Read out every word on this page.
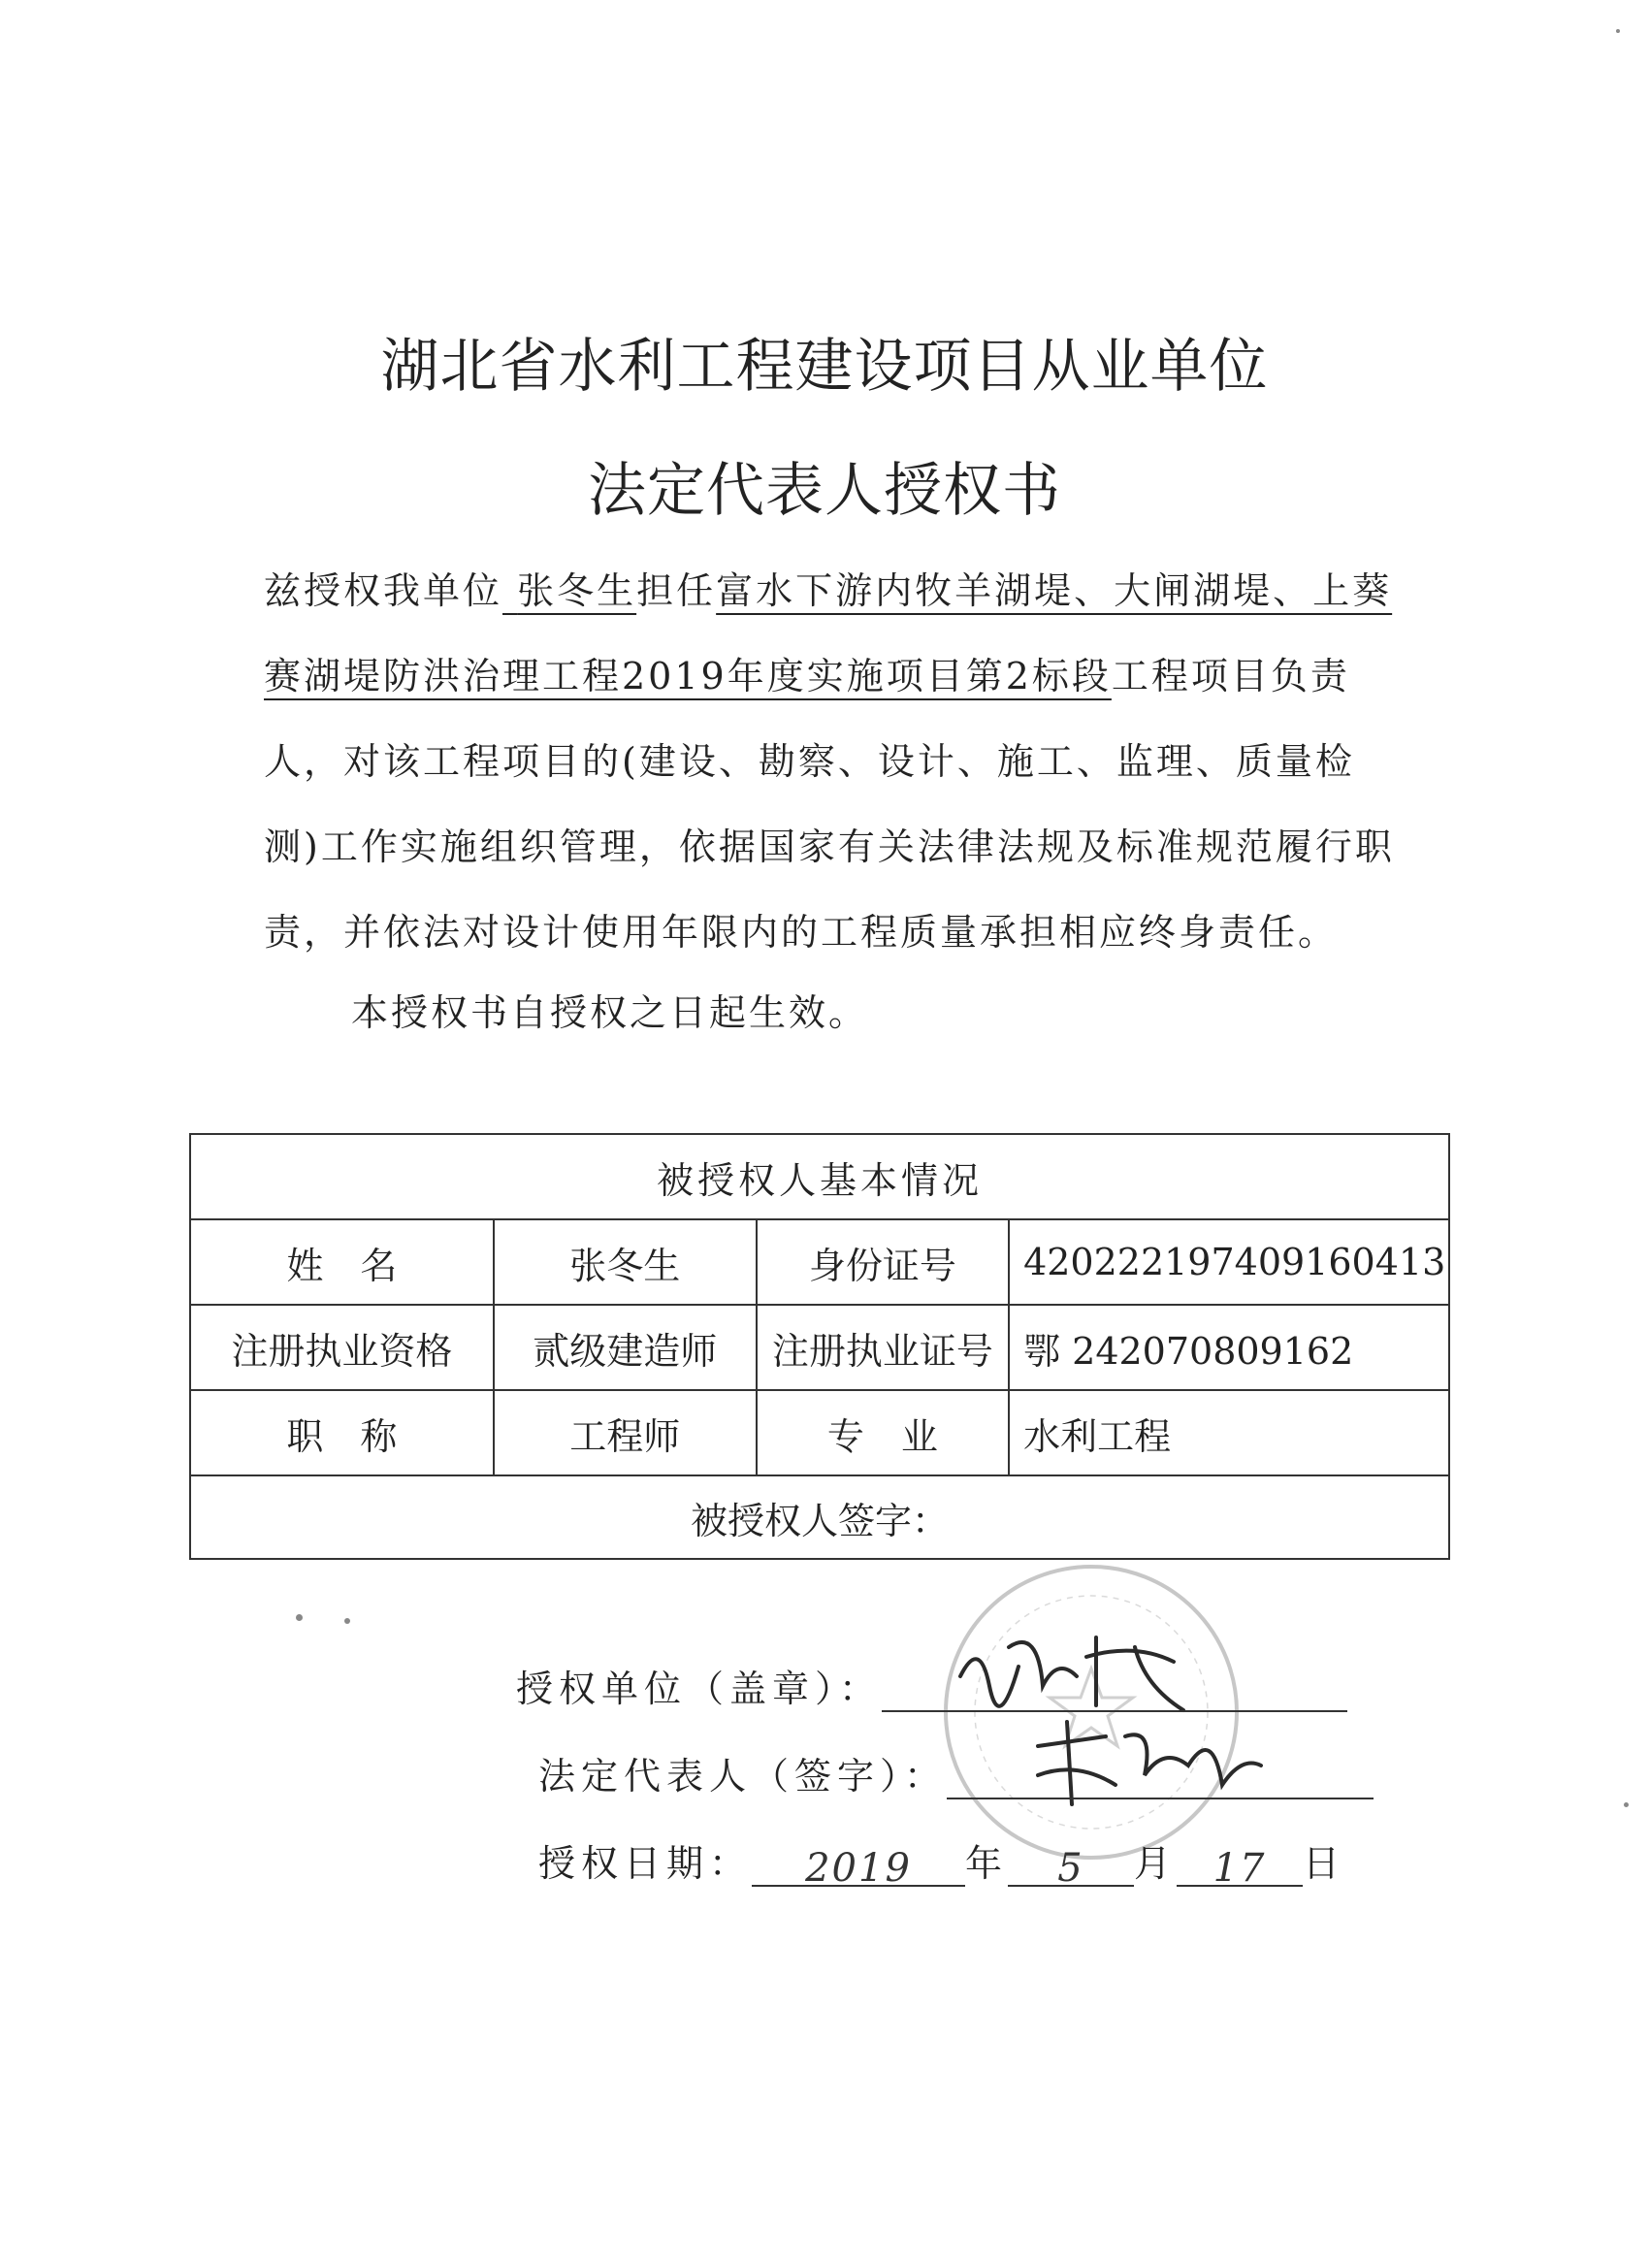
湖北省水利工程建设项目从业单位
法定代表人授权书
兹授权我单位 张冬生担任富水下游内牧羊湖堤、大闸湖堤、上葵赛湖堤防洪治理工程2019年度实施项目第2标段工程项目负责人，对该工程项目的(建设、勘察、设计、施工、监理、质量检测)工作实施组织管理，依据国家有关法律法规及标准规范履行职责，并依法对设计使用年限内的工程质量承担相应终身责任。
本授权书自授权之日起生效。
被授权人基本情况			
姓　名	张冬生	身份证号	420222197409160413
注册执业资格	贰级建造师	注册执业证号	鄂 242070809162
职　称	工程师	专　业	水利工程
被授权人签字：			
授权单位（盖章）：
法定代表人（签字）：
授权日期： 2019 年 5 月 17 日
